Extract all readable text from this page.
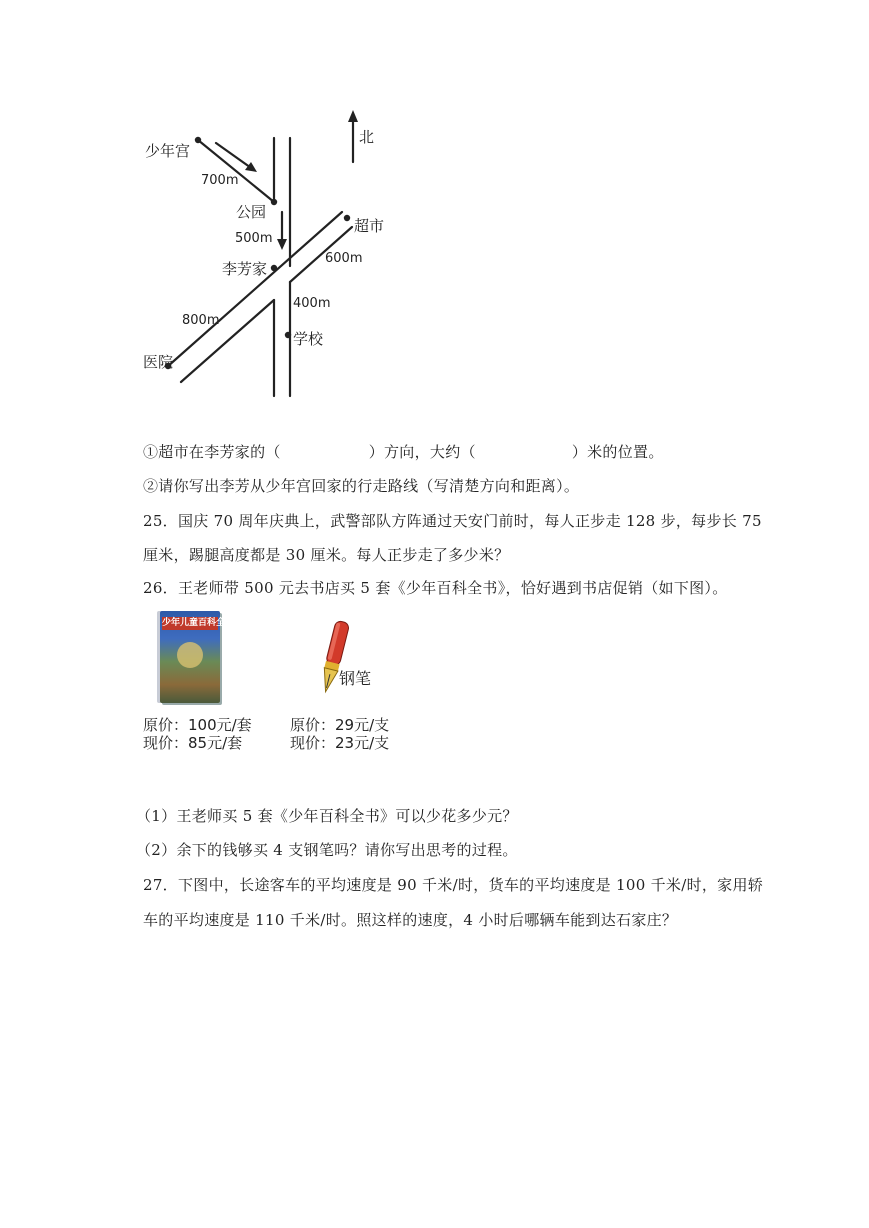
北
少年宫
700m
公园
500m
李芳家
超市
600m
400m
学校
800m
医院
①超市在李芳家的（	）方向，大约（	）米的位置。
②请你写出李芳从少年宫回家的行走路线（写清楚方向和距离）。
25．国庆 70 周年庆典上，武警部队方阵通过天安门前时，每人正步走 128 步，每步长 75
厘米，踢腿高度都是 30 厘米。每人正步走了多少米？
26．王老师带 500 元去书店买 5 套《少年百科全书》，恰好遇到书店促销（如下图）。
少年儿童百科全书
钢笔
原价：100元/套
现价：85元/套
原价：29元/支
现价：23元/支
（1）王老师买 5 套《少年百科全书》可以少花多少元？
（2）余下的钱够买 4 支钢笔吗？请你写出思考的过程。
27．下图中，长途客车的平均速度是 90 千米/时，货车的平均速度是 100 千米/时，家用轿
车的平均速度是 110 千米/时。照这样的速度，4 小时后哪辆车能到达石家庄？
